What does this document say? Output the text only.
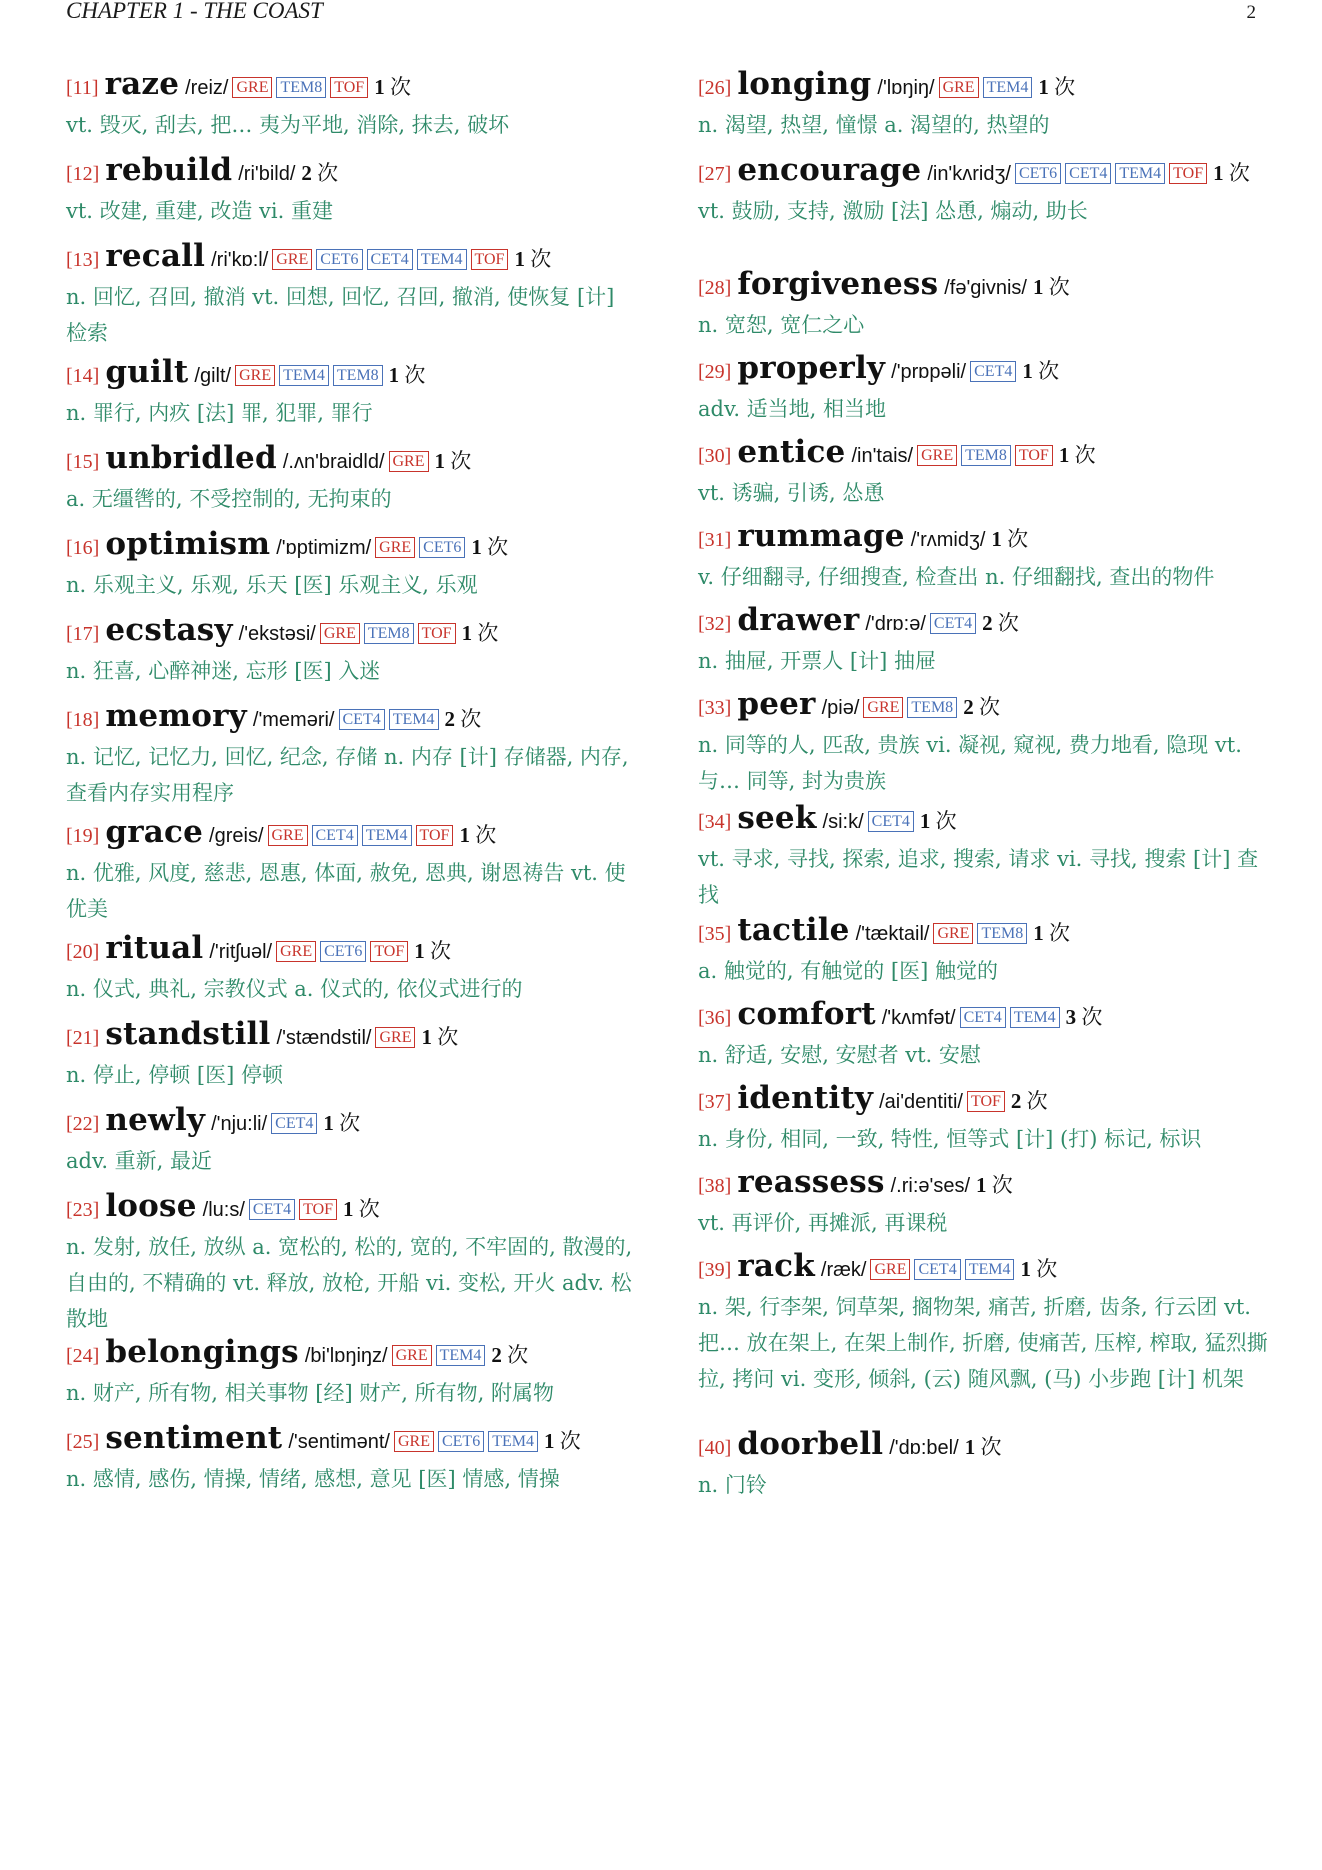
CHAPTER 1 - THE COAST	2
[11] raze /reiz/ GRE TEM8 TOF 1 次
vt. 毁灭, 刮去, 把… 夷为平地, 消除, 抹去, 破坏
[12] rebuild /ri'bild/ 2 次
vt. 改建, 重建, 改造 vi. 重建
[13] recall /ri'kɒ:l/ GRE CET6 CET4 TEM4 TOF 1 次
n. 回忆, 召回, 撤消 vt. 回想, 回忆, 召回, 撤消, 使恢复 [计] 检索
[14] guilt /gilt/ GRE TEM4 TEM8 1 次
n. 罪行, 内疚 [法] 罪, 犯罪, 罪行
[15] unbridled /.ʌn'braidld/ GRE 1 次
a. 无缰辔的, 不受控制的, 无拘束的
[16] optimism /'ɒptimizm/ GRE CET6 1 次
n. 乐观主义, 乐观, 乐天 [医] 乐观主义, 乐观
[17] ecstasy /'ekstəsi/ GRE TEM8 TOF 1 次
n. 狂喜, 心醉神迷, 忘形 [医] 入迷
[18] memory /'meməri/ CET4 TEM4 2 次
n. 记忆, 记忆力, 回忆, 纪念, 存储 n. 内存 [计] 存储器, 内存, 查看内存实用程序
[19] grace /greis/ GRE CET4 TEM4 TOF 1 次
n. 优雅, 风度, 慈悲, 恩惠, 体面, 赦免, 恩典, 谢恩祷告 vt. 使优美
[20] ritual /'ritʃuəl/ GRE CET6 TOF 1 次
n. 仪式, 典礼, 宗教仪式 a. 仪式的, 依仪式进行的
[21] standstill /'stændstil/ GRE 1 次
n. 停止, 停顿 [医] 停顿
[22] newly /'nju:li/ CET4 1 次
adv. 重新, 最近
[23] loose /lu:s/ CET4 TOF 1 次
n. 发射, 放任, 放纵 a. 宽松的, 松的, 宽的, 不牢固的, 散漫的, 自由的, 不精确的 vt. 释放, 放枪, 开船 vi. 变松, 开火 adv. 松散地
[24] belongings /bi'lɒŋiŋz/ GRE TEM4 2 次
n. 财产, 所有物, 相关事物 [经] 财产, 所有物, 附属物
[25] sentiment /'sentimənt/ GRE CET6 TEM4 1 次
n. 感情, 感伤, 情操, 情绪, 感想, 意见 [医] 情感, 情操
[26] longing /'lɒŋiŋ/ GRE TEM4 1 次
n. 渴望, 热望, 憧憬 a. 渴望的, 热望的
[27] encourage /in'kʌridʒ/ CET6 CET4 TEM4 TOF 1 次
vt. 鼓励, 支持, 激励 [法] 怂恿, 煽动, 助长
[28] forgiveness /fə'givnis/ 1 次
n. 宽恕, 宽仁之心
[29] properly /'prɒpəli/ CET4 1 次
adv. 适当地, 相当地
[30] entice /in'tais/ GRE TEM8 TOF 1 次
vt. 诱骗, 引诱, 怂恿
[31] rummage /'rʌmidʒ/ 1 次
v. 仔细翻寻, 仔细搜查, 检查出 n. 仔细翻找, 查出的物件
[32] drawer /'drɒ:ə/ CET4 2 次
n. 抽屉, 开票人 [计] 抽屉
[33] peer /piə/ GRE TEM8 2 次
n. 同等的人, 匹敌, 贵族 vi. 凝视, 窥视, 费力地看, 隐现 vt. 与… 同等, 封为贵族
[34] seek /si:k/ CET4 1 次
vt. 寻求, 寻找, 探索, 追求, 搜索, 请求 vi. 寻找, 搜索 [计] 查找
[35] tactile /'tæktail/ GRE TEM8 1 次
a. 触觉的, 有触觉的 [医] 触觉的
[36] comfort /'kʌmfət/ CET4 TEM4 3 次
n. 舒适, 安慰, 安慰者 vt. 安慰
[37] identity /ai'dentiti/ TOF 2 次
n. 身份, 相同, 一致, 特性, 恒等式 [计] (打) 标记, 标识
[38] reassess /.ri:ə'ses/ 1 次
vt. 再评价, 再摊派, 再课税
[39] rack /ræk/ GRE CET4 TEM4 1 次
n. 架, 行李架, 饲草架, 搁物架, 痛苦, 折磨, 齿条, 行云团 vt. 把… 放在架上, 在架上制作, 折磨, 使痛苦, 压榨, 榨取, 猛烈撕拉, 拷问 vi. 变形, 倾斜, (云) 随风飘, (马) 小步跑 [计] 机架
[40] doorbell /'dɒ:bel/ 1 次
n. 门铃
